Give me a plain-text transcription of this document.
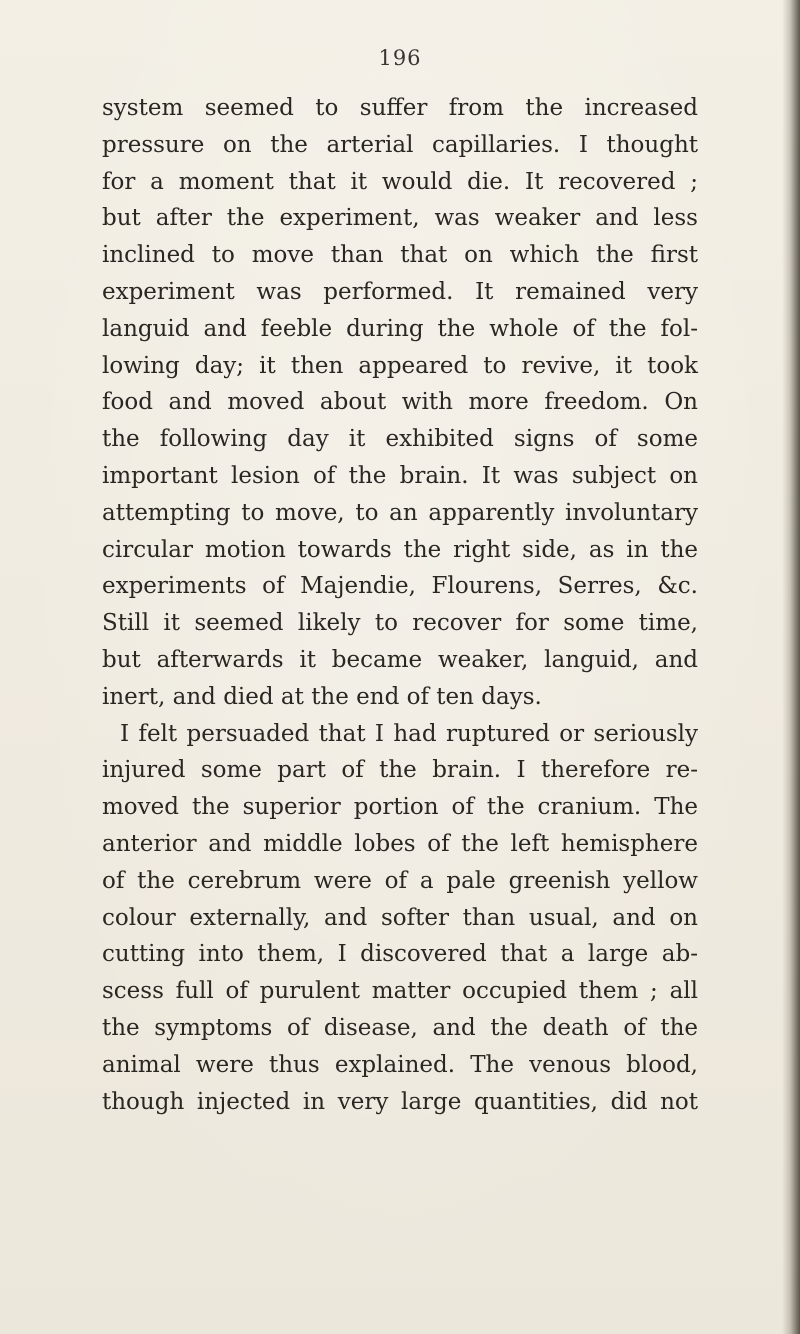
196
system seemed to suffer from the increased
pressure on the arterial capillaries. I thought
for a moment that it would die. It recovered ;
but after the experiment, was weaker and less
inclined to move than that on which the first
experiment was performed. It remained very
languid and feeble during the whole of the fol-
lowing day; it then appeared to revive, it took
food and moved about with more freedom. On
the following day it exhibited signs of some
important lesion of the brain. It was subject on
attempting to move, to an apparently involuntary
circular motion towards the right side, as in the
experiments of Majendie, Flourens, Serres, &c.
Still it seemed likely to recover for some time,
but afterwards it became weaker, languid, and
inert, and died at the end of ten days.
I felt persuaded that I had ruptured or seriously
injured some part of the brain. I therefore re-
moved the superior portion of the cranium. The
anterior and middle lobes of the left hemisphere
of the cerebrum were of a pale greenish yellow
colour externally, and softer than usual, and on
cutting into them, I discovered that a large ab-
scess full of purulent matter occupied them ; all
the symptoms of disease, and the death of the
animal were thus explained. The venous blood,
though injected in very large quantities, did not
